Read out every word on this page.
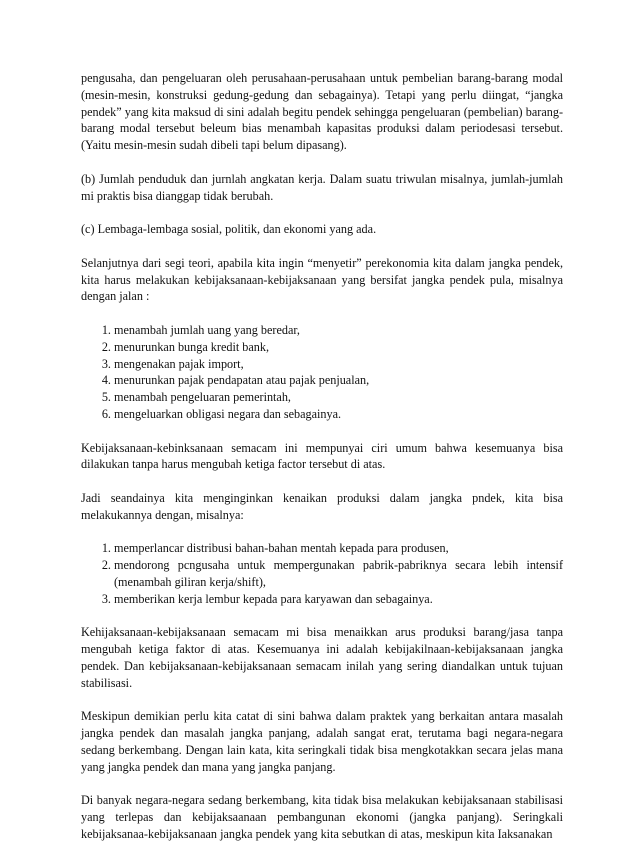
pengusaha, dan pengeluaran oleh perusahaan-perusahaan untuk pembelian barang-barang modal (mesin-mesin, konstruksi gedung-gedung dan sebagainya). Tetapi yang perlu diingat, “jangka pendek” yang kita maksud di sini adalah begitu pendek sehingga pengeluaran (pembelian) barang-barang modal tersebut beleum bias menambah kapasitas produksi dalam periodesasi tersebut. (Yaitu mesin-mesin sudah dibeli tapi belum dipasang).

(b) Jumlah penduduk dan jurnlah angkatan kerja. Dalam suatu triwulan misalnya, jumlah-jumlah mi praktis bisa dianggap tidak berubah.

(c) Lembaga-lembaga sosial, politik, dan ekonomi yang ada.

Selanjutnya dari segi teori, apabila kita ingin “menyetir” perekonomia kita dalam jangka pendek, kita harus melakukan kebijaksanaan-kebijaksanaan yang bersifat jangka pendek pula, misalnya dengan jalan :

1. menambah jumlah uang yang beredar,
2. menurunkan bunga kredit bank,
3. mengenakan pajak import,
4. menurunkan pajak pendapatan atau pajak penjualan,
5. menambah pengeluaran pemerintah,
6. mengeluarkan obligasi negara dan sebagainya.

Kebijaksanaan-kebinksanaan semacam ini mempunyai ciri umum bahwa kesemuanya bisa dilakukan tanpa harus mengubah ketiga factor tersebut di atas.

Jadi seandainya kita menginginkan kenaikan produksi dalam jangka pndek, kita bisa melakukannya dengan, misalnya:

1. memperlancar distribusi bahan-bahan mentah kepada para produsen,
2. mendorong pcngusaha untuk mempergunakan pabrik-pabriknya secara lebih intensif (menambah giliran kerja/shift),
3. memberikan kerja lembur kepada para karyawan dan sebagainya.

Kehijaksanaan-kebijaksanaan semacam mi bisa menaikkan arus produksi barang/jasa tanpa mengubah ketiga faktor di atas. Kesemuanya ini adalah kebijakilnaan-kebijaksanaan jangka pendek. Dan kebijaksanaan-kebijaksanaan semacam inilah yang sering diandalkan untuk tujuan stabilisasi.

Meskipun demikian perlu kita catat di sini bahwa dalam praktek yang berkaitan antara masalah jangka pendek dan masalah jangka panjang, adalah sangat erat, terutama bagi negara-negara sedang berkembang. Dengan lain kata, kita seringkali tidak bisa mengkotakkan secara jelas mana yang jangka pendek dan mana yang jangka panjang.

Di banyak negara-negara sedang berkembang, kita tidak bisa melakukan kebijaksanaan stabilisasi yang terlepas dan kebijaksaanaan pembangunan ekonomi (jangka panjang). Seringkali kebijaksanaa-kebijaksanaan jangka pendek yang kita sebutkan di atas, meskipun kita Iaksanakan
